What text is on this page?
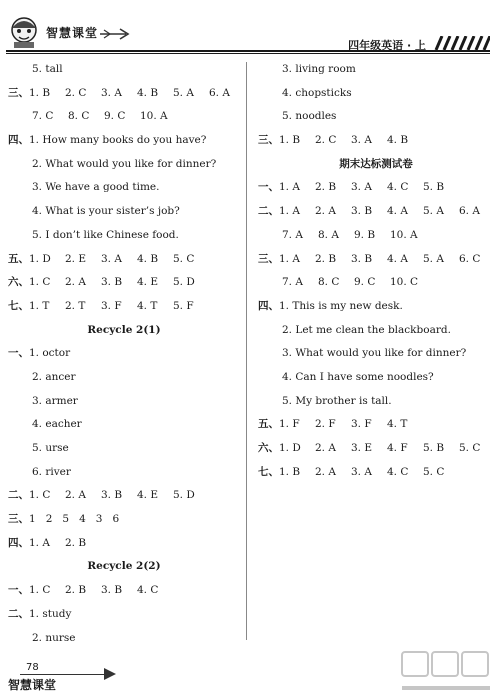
智慧课堂
四年级英语 · 上
5. tall
三、1. B 2. C 3. A 4. B 5. A 6. A
7. C 8. C 9. C 10. A
四、1. How many books do you have?
2. What would you like for dinner?
3. We have a good time.
4. What is your sister’s job?
5. I don’t like Chinese food.
五、1. D 2. E 3. A 4. B 5. C
六、1. C 2. A 3. B 4. E 5. D
七、1. T 2. T 3. F 4. T 5. F
Recycle 2(1)
一、1. octor
2. ancer
3. armer
4. eacher
5. urse
6. river
二、1. C 2. A 3. B 4. E 5. D
三、1   2   5   4   3   6
四、1. A 2. B
Recycle 2(2)
一、1. C 2. B 3. B 4. C
二、1. study
2. nurse
3. living room
4. chopsticks
5. noodles
三、1. B 2. C 3. A 4. B
期末达标测试卷
一、1. A 2. B 3. A 4. C 5. B
二、1. A 2. A 3. B 4. A 5. A 6. A
7. A 8. A 9. B 10. A
三、1. A 2. B 3. B 4. A 5. A 6. C
7. A 8. C 9. C 10. C
四、1. This is my new desk.
2. Let me clean the blackboard.
3. What would you like for dinner?
4. Can I have some noodles?
5. My brother is tall.
五、1. F 2. F 3. F 4. T
六、1. D 2. A 3. E 4. F 5. B 5. C
七、1. B 2. A 3. A 4. C 5. C
78
智慧课堂
